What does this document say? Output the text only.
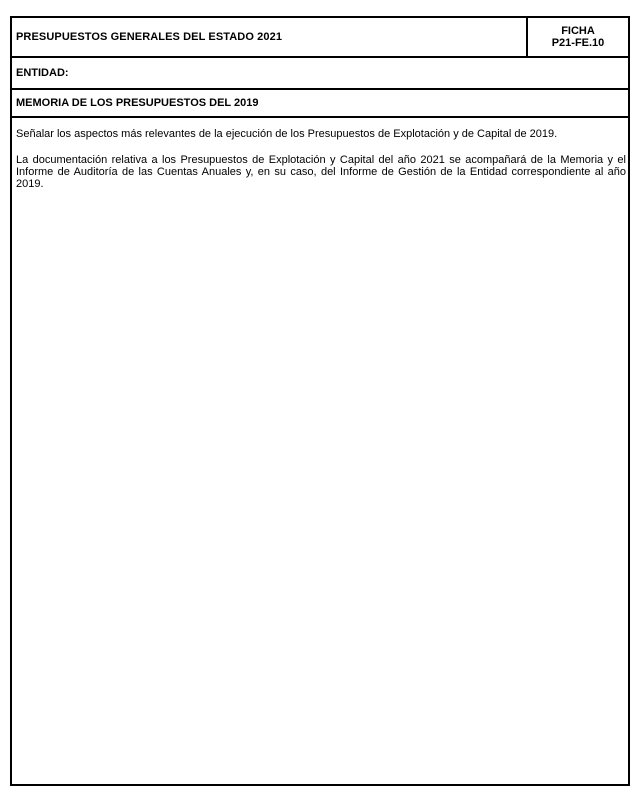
PRESUPUESTOS GENERALES DEL ESTADO 2021	FICHA
P21-FE.10
ENTIDAD:
MEMORIA DE LOS PRESUPUESTOS DEL 2019

Señalar los aspectos más relevantes de la ejecución de los Presupuestos de Explotación y de Capital de 2019.

La documentación relativa a los Presupuestos de Explotación y Capital del año 2021 se acompañará de la Memoria y el Informe de Auditoría de las Cuentas Anuales y, en su caso, del Informe de Gestión de la Entidad correspondiente al año 2019.
